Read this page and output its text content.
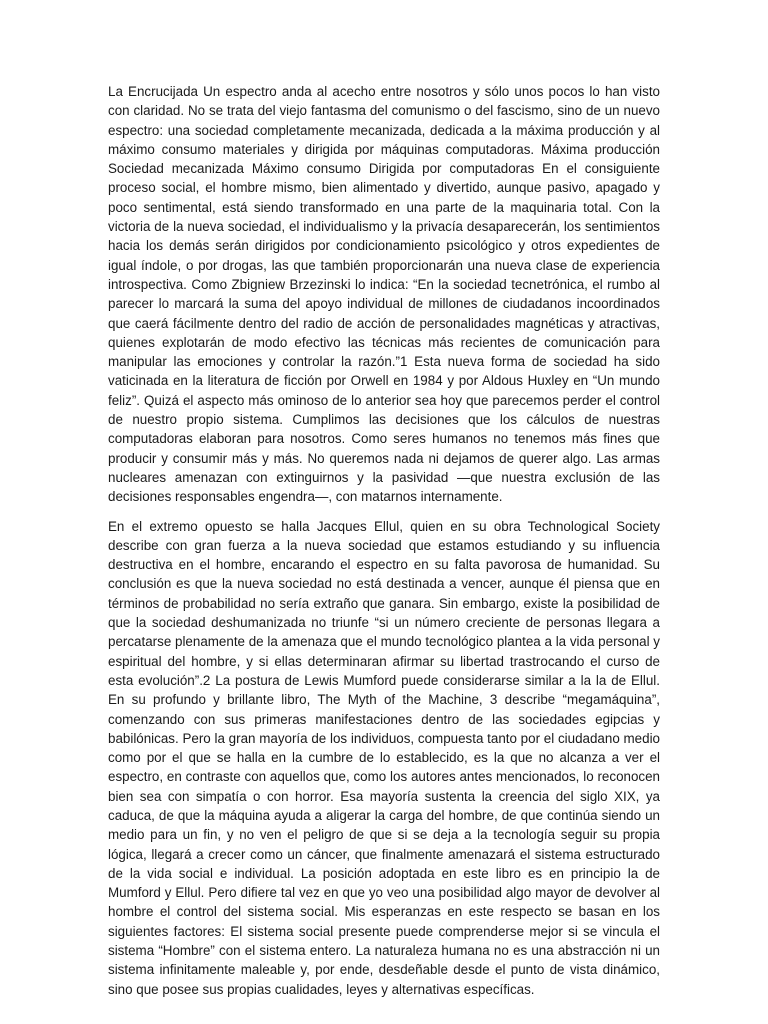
La Encrucijada Un espectro anda al acecho entre nosotros y sólo unos pocos lo han visto con claridad. No se trata del viejo fantasma del comunismo o del fascismo, sino de un nuevo espectro: una sociedad completamente mecanizada, dedicada a la máxima producción y al máximo consumo materiales y dirigida por máquinas computadoras. Máxima producción Sociedad mecanizada Máximo consumo Dirigida por computadoras En el consiguiente proceso social, el hombre mismo, bien alimentado y divertido, aunque pasivo, apagado y poco sentimental, está siendo transformado en una parte de la maquinaria total. Con la victoria de la nueva sociedad, el individualismo y la privacía desaparecerán, los sentimientos hacia los demás serán dirigidos por condicionamiento psicológico y otros expedientes de igual índole, o por drogas, las que también proporcionarán una nueva clase de experiencia introspectiva. Como Zbigniew Brzezinski lo indica: “En la sociedad tecnetrónica, el rumbo al parecer lo marcará la suma del apoyo individual de millones de ciudadanos incoordinados que caerá fácilmente dentro del radio de acción de personalidades magnéticas y atractivas, quienes explotarán de modo efectivo las técnicas más recientes de comunicación para manipular las emociones y controlar la razón.”1 Esta nueva forma de sociedad ha sido vaticinada en la literatura de ficción por Orwell en 1984 y por Aldous Huxley en “Un mundo feliz”. Quizá el aspecto más ominoso de lo anterior sea hoy que parecemos perder el control de nuestro propio sistema. Cumplimos las decisiones que los cálculos de nuestras computadoras elaboran para nosotros. Como seres humanos no tenemos más fines que producir y consumir más y más. No queremos nada ni dejamos de querer algo. Las armas nucleares amenazan con extinguirnos y la pasividad —que nuestra exclusión de las decisiones responsables engendra—, con matarnos internamente.

En el extremo opuesto se halla Jacques Ellul, quien en su obra Technological Society describe con gran fuerza a la nueva sociedad que estamos estudiando y su influencia destructiva en el hombre, encarando el espectro en su falta pavorosa de humanidad. Su conclusión es que la nueva sociedad no está destinada a vencer, aunque él piensa que en términos de probabilidad no sería extraño que ganara. Sin embargo, existe la posibilidad de que la sociedad deshumanizada no triunfe “si un número creciente de personas llegara a percatarse plenamente de la amenaza que el mundo tecnológico plantea a la vida personal y espiritual del hombre, y si ellas determinaran afirmar su libertad trastrocando el curso de esta evolución”.2 La postura de Lewis Mumford puede considerarse similar a la la de Ellul. En su profundo y brillante libro, The Myth of the Machine, 3 describe “megamáquina”, comenzando con sus primeras manifestaciones dentro de las sociedades egipcias y babilónicas. Pero la gran mayoría de los individuos, compuesta tanto por el ciudadano medio como por el que se halla en la cumbre de lo establecido, es la que no alcanza a ver el espectro, en contraste con aquellos que, como los autores antes mencionados, lo reconocen bien sea con simpatía o con horror. Esa mayoría sustenta la creencia del siglo XIX, ya caduca, de que la máquina ayuda a aligerar la carga del hombre, de que continúa siendo un medio para un fin, y no ven el peligro de que si se deja a la tecnología seguir su propia lógica, llegará a crecer como un cáncer, que finalmente amenazará el sistema estructurado de la vida social e individual. La posición adoptada en este libro es en principio la de Mumford y Ellul. Pero difiere tal vez en que yo veo una posibilidad algo mayor de devolver al hombre el control del sistema social. Mis esperanzas en este respecto se basan en los siguientes factores: El sistema social presente puede comprenderse mejor si se vincula el sistema “Hombre” con el sistema entero. La naturaleza humana no es una abstracción ni un sistema infinitamente maleable y, por ende, desdeñable desde el punto de vista dinámico, sino que posee sus propias cualidades, leyes y alternativas específicas.
